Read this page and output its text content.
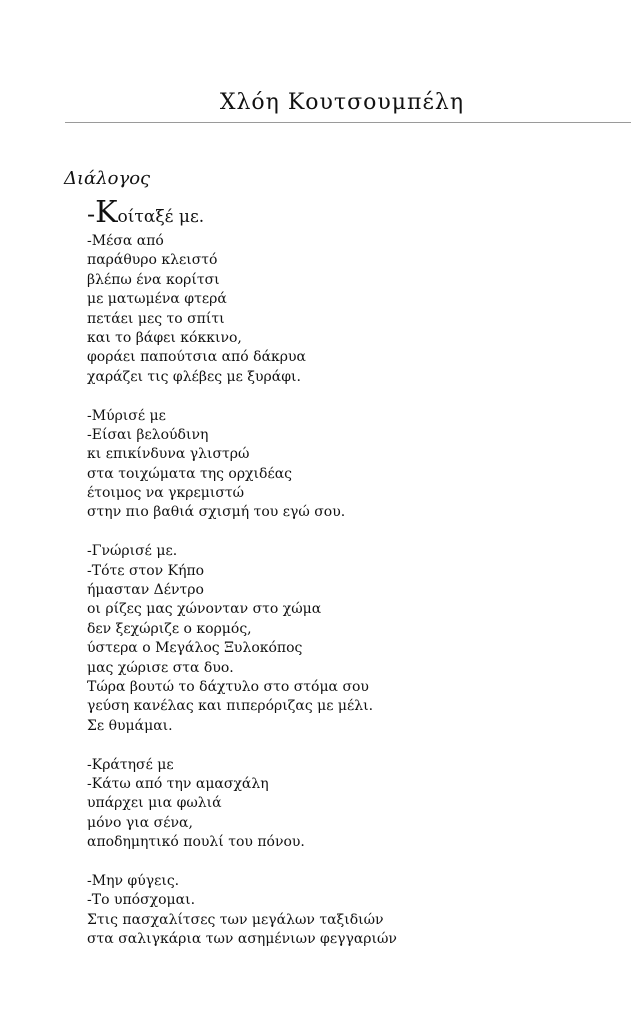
Χλόη Κουτσουμπέλη
Διάλογος
-Κοίταξέ με.
-Μέσα από
παράθυρο κλειστό
βλέπω ένα κορίτσι
με ματωμένα φτερά
πετάει μες το σπίτι
και το βάφει κόκκινο,
φοράει παπούτσια από δάκρυα
χαράζει τις φλέβες με ξυράφι.
-Μύρισέ με
-Είσαι βελούδινη
κι επικίνδυνα γλιστρώ
στα τοιχώματα της ορχιδέας
έτοιμος να γκρεμιστώ
στην πιο βαθιά σχισμή του εγώ σου.
-Γνώρισέ με.
-Τότε στον Κήπο
ήμασταν Δέντρο
οι ρίζες μας χώνονταν στο χώμα
δεν ξεχώριζε ο κορμός,
ύστερα ο Μεγάλος Ξυλοκόπος
μας χώρισε στα δυο.
Τώρα βουτώ το δάχτυλο στο στόμα σου
γεύση κανέλας και πιπερόριζας με μέλι.
Σε θυμάμαι.
-Κράτησέ με
-Κάτω από την αμασχάλη
υπάρχει μια φωλιά
μόνο για σένα,
αποδημητικό πουλί του πόνου.
-Μην φύγεις.
-Το υπόσχομαι.
Στις πασχαλίτσες των μεγάλων ταξιδιών
στα σαλιγκάρια των ασημένιων φεγγαριών
